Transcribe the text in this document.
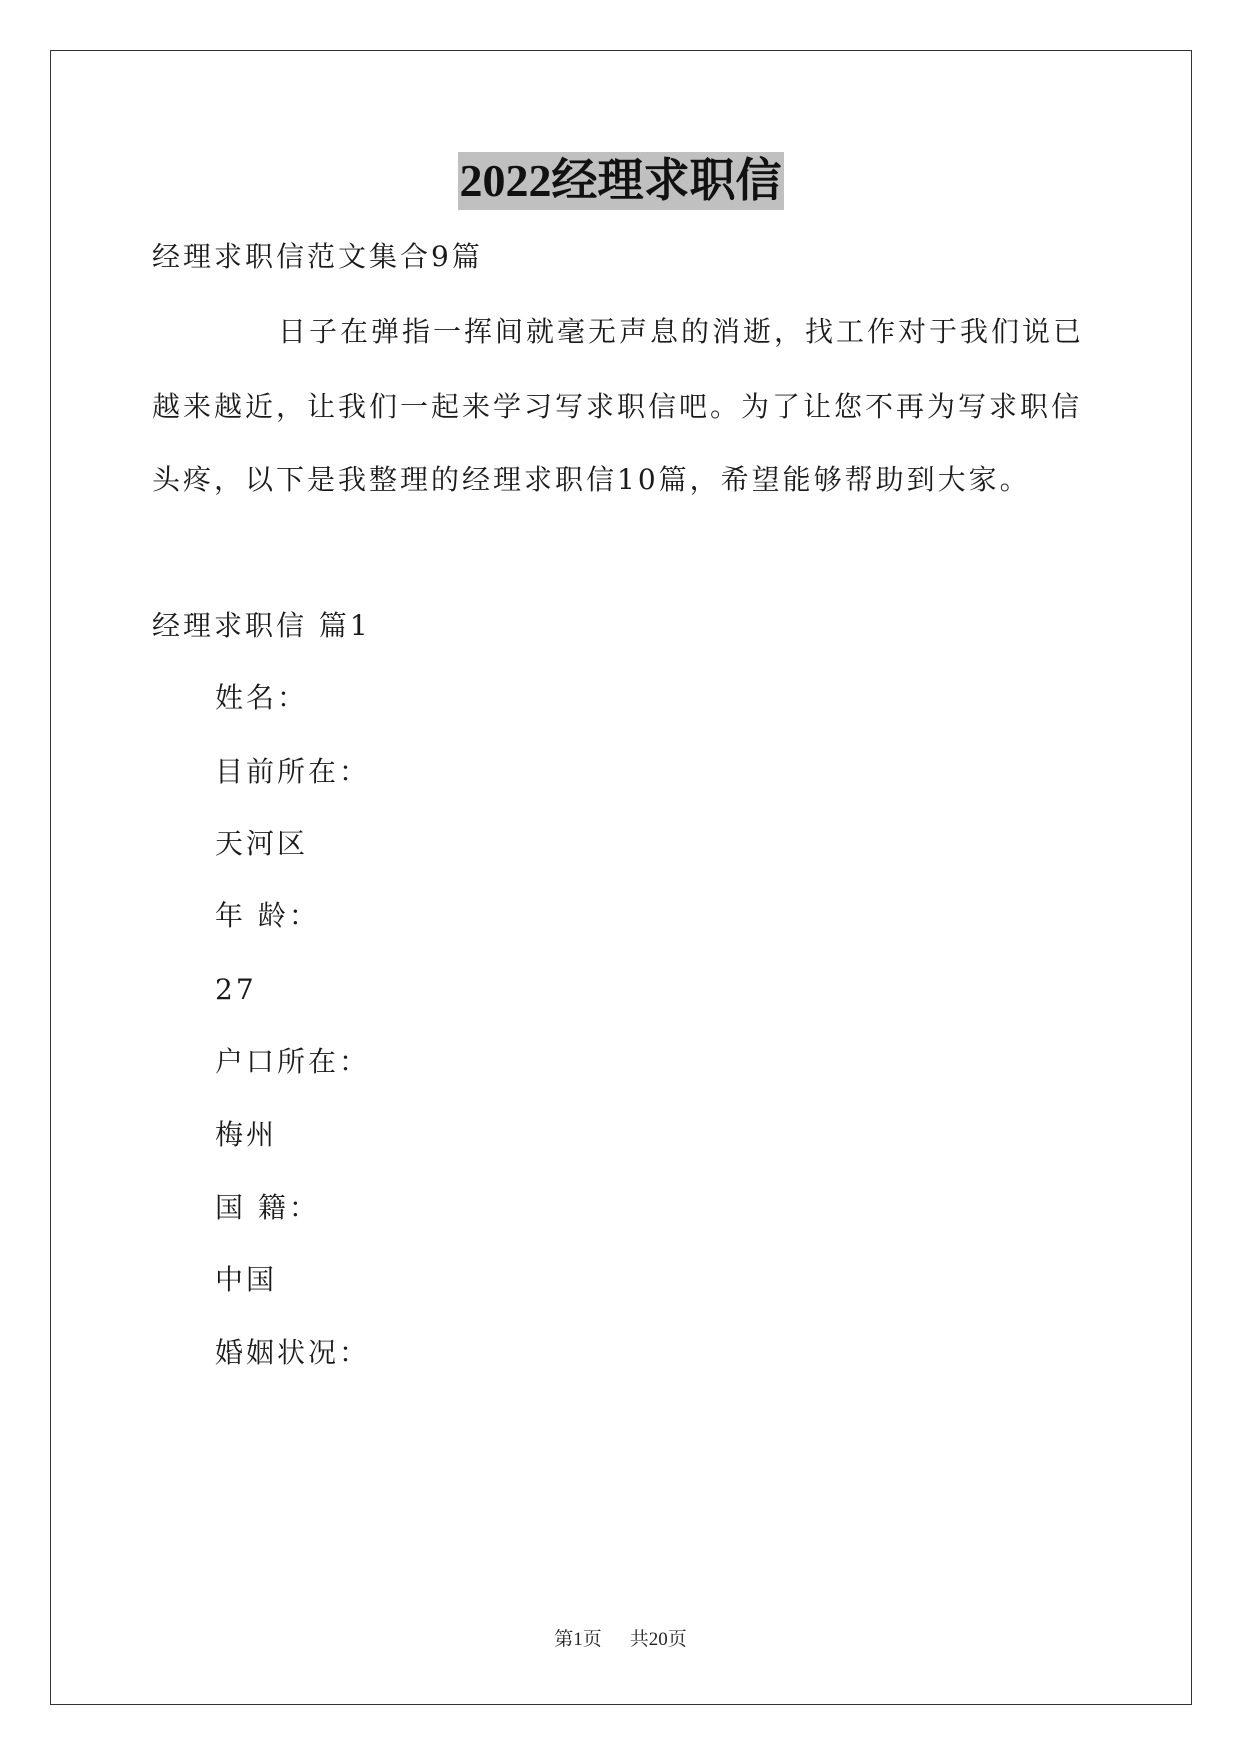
2022经理求职信
经理求职信范文集合9篇
日子在弹指一挥间就毫无声息的消逝，找工作对于我们说已
越来越近，让我们一起来学习写求职信吧。为了让您不再为写求职信
头疼，以下是我整理的经理求职信10篇，希望能够帮助到大家。
经理求职信 篇1
姓名：
目前所在：
天河区
年 龄：
27
户口所在：
梅州
国 籍：
中国
婚姻状况：
第1页 共20页
